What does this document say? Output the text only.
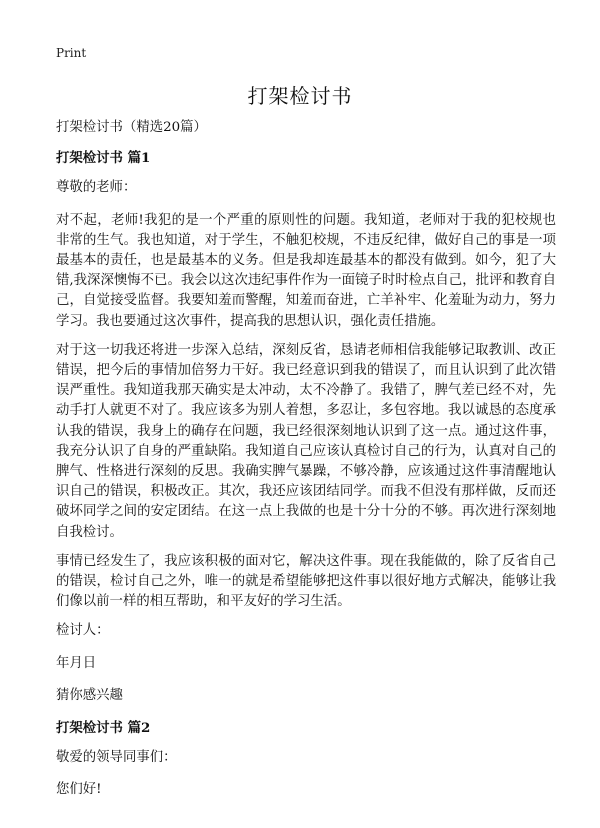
Print
打架检讨书

打架检讨书（精选20篇）

打架检讨书 篇1

尊敬的老师：

对不起，老师!我犯的是一个严重的原则性的问题。我知道，老师对于我的犯校规也非常的生气。我也知道，对于学生，不触犯校规，不违反纪律，做好自己的事是一项最基本的责任，也是最基本的义务。但是我却连最基本的都没有做到。如今，犯了大错,我深深懊悔不已。我会以这次违纪事件作为一面镜子时时检点自己，批评和教育自己，自觉接受监督。我要知羞而警醒，知羞而奋进，亡羊补牢、化羞耻为动力，努力学习。我也要通过这次事件，提高我的思想认识，强化责任措施。

对于这一切我还将进一步深入总结，深刻反省，恳请老师相信我能够记取教训、改正错误，把今后的事情加倍努力干好。我已经意识到我的错误了，而且认识到了此次错误严重性。我知道我那天确实是太冲动，太不冷静了。我错了，脾气差已经不对，先动手打人就更不对了。我应该多为别人着想，多忍让，多包容地。我以诚恳的态度承认我的错误，我身上的确存在问题，我已经很深刻地认识到了这一点。通过这件事，我充分认识了自身的严重缺陷。我知道自己应该认真检讨自己的行为，认真对自己的脾气、性格进行深刻的反思。我确实脾气暴躁，不够冷静，应该通过这件事清醒地认识自己的错误，积极改正。其次，我还应该团结同学。而我不但没有那样做，反而还破坏同学之间的安定团结。在这一点上我做的也是十分十分的不够。再次进行深刻地自我检讨。

事情已经发生了，我应该积极的面对它，解决这件事。现在我能做的，除了反省自己的错误，检讨自己之外，唯一的就是希望能够把这件事以很好地方式解决，能够让我们像以前一样的相互帮助，和平友好的学习生活。

检讨人：

年月日

猜你感兴趣

打架检讨书 篇2

敬爱的领导同事们：

您们好!
